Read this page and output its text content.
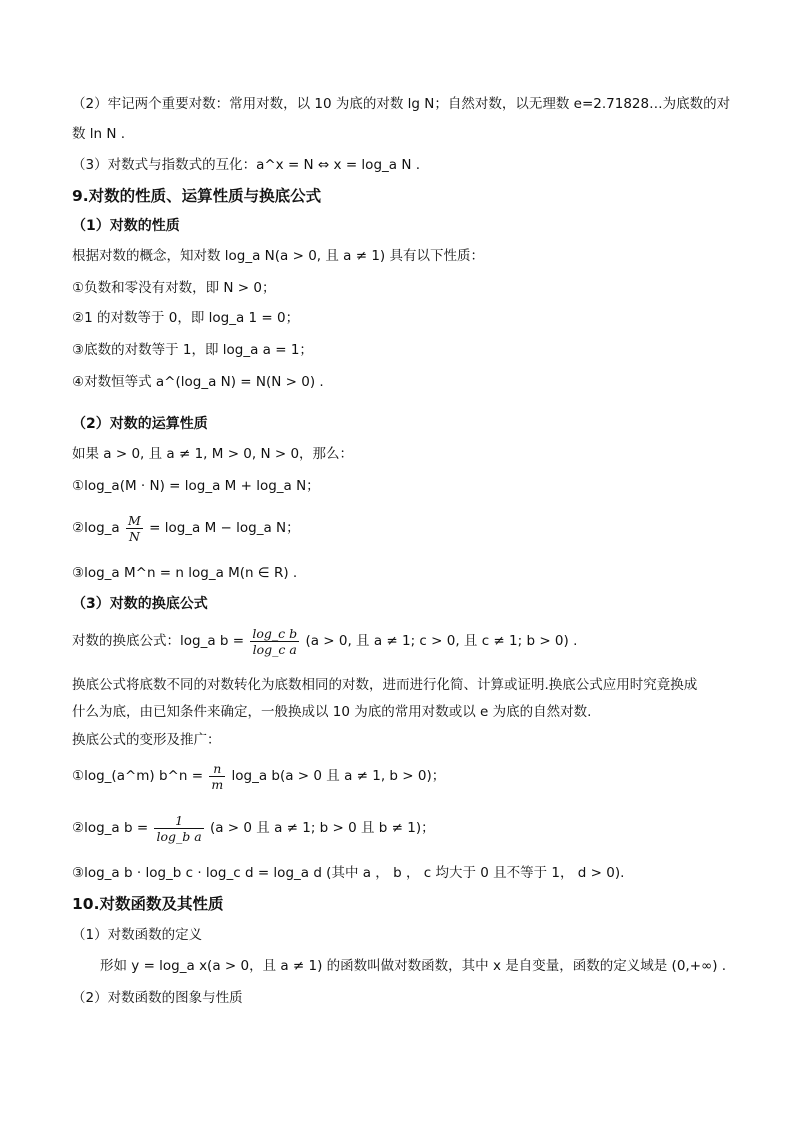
（2）牢记两个重要对数：常用对数，以 10 为底的对数 lg N；自然对数，以无理数 e=2.71828…为底数的对
数 ln N .
（3）对数式与指数式的互化：a^x = N ⇔ x = log_a N .
9.对数的性质、运算性质与换底公式
（1）对数的性质
根据对数的概念，知对数 log_a N(a > 0, 且 a ≠ 1) 具有以下性质：
①负数和零没有对数，即 N > 0；
②1 的对数等于 0，即 log_a 1 = 0；
③底数的对数等于 1，即 log_a a = 1；
④对数恒等式 a^(log_a N) = N(N > 0) .
（2）对数的运算性质
如果 a > 0, 且 a ≠ 1, M > 0, N > 0，那么：
①log_a(M · N) = log_a M + log_a N；
②log_a $\frac{M}{N}$ = log_a M − log_a N；
③log_a M^n = n log_a M(n ∈ R) .
（3）对数的换底公式
对数的换底公式：log_a $b = \frac{\text{log\_c b}}{\text{log\_c a}} (a > 0$, 且 a ≠ 1; c > 0, 且 c ≠ 1; b > 0) .
换底公式将底数不同的对数转化为底数相同的对数，进而进行化简、计算或证明.换底公式应用时究竟换成
什么为底，由已知条件来确定，一般换成以 10 为底的常用对数或以 e 为底的自然对数.
换底公式的变形及推广：
①log_(a^m) b^n = $\frac{n}{m}$ log_a b(a > 0 且 a ≠ 1, b > 0)；
②log_a $b = \frac{1}{\text{log\_b a}} (a > 0$ 且 a ≠ 1; b > 0 且 b ≠ 1)；
③log_a b · log_b c · log_c d = log_a d (其中 a ， b ， c 均大于 0 且不等于 1， d > 0).
10.对数函数及其性质
（1）对数函数的定义
形如 y = log_a x(a > 0，且 a ≠ 1) 的函数叫做对数函数，其中 x 是自变量，函数的定义域是 (0,+∞) .
（2）对数函数的图象与性质
